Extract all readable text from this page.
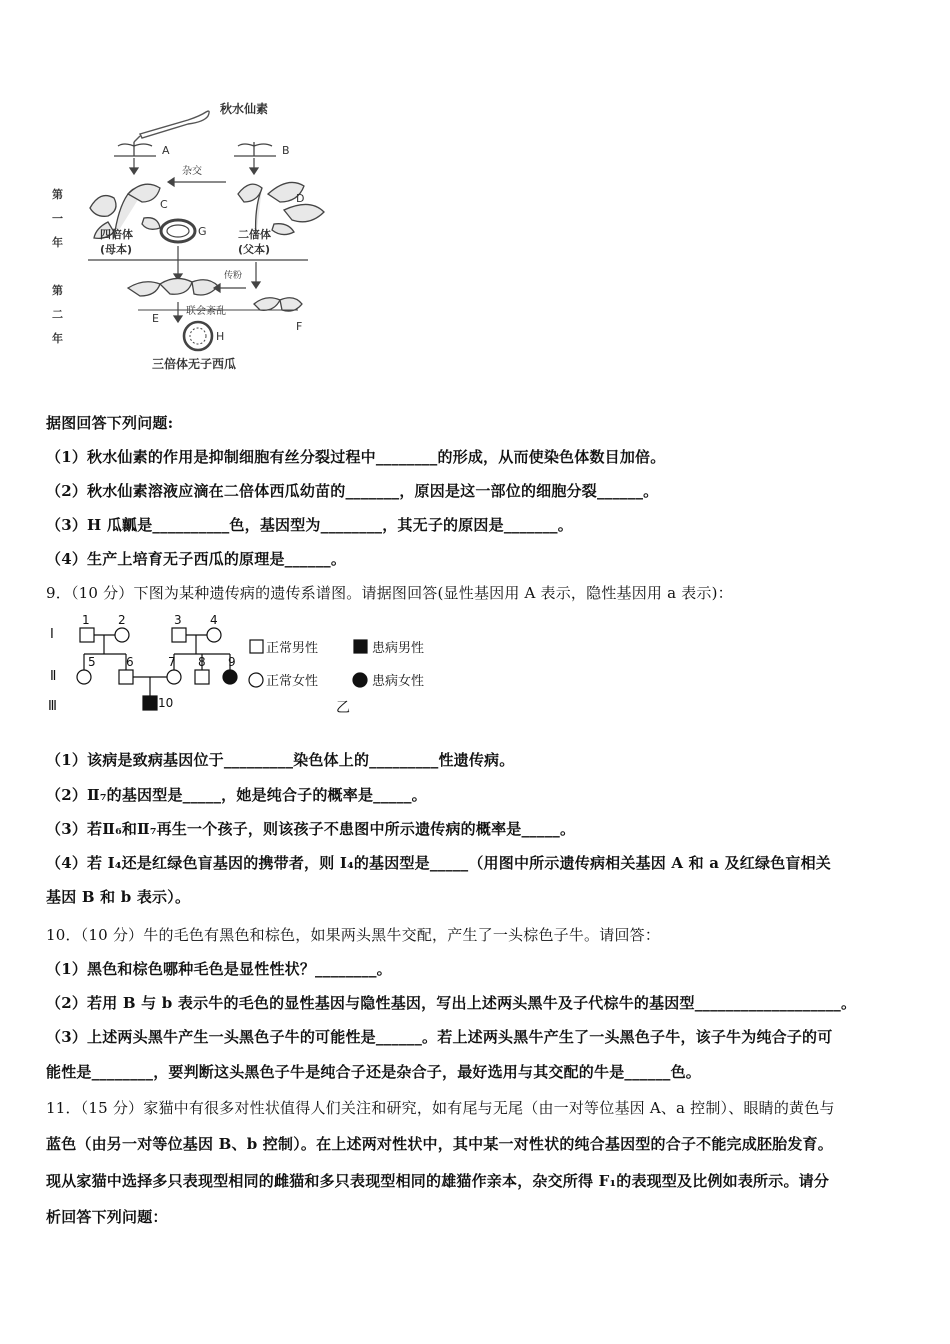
秋水仙素
A	B
杂交
第一年
第二年
C
G
D
四倍体
(母本)
二倍体
(父本)
E
传粉
F
联会紊乱
H
三倍体无子西瓜
据图回答下列问题:
（1）秋水仙素的作用是抑制细胞有丝分裂过程中________的形成，从而使染色体数目加倍。
（2）秋水仙素溶液应滴在二倍体西瓜幼苗的_______，原因是这一部位的细胞分裂______。
（3）H 瓜瓤是__________色，基因型为________，其无子的原因是_______。
（4）生产上培育无子西瓜的原理是______。
9．（10 分）下图为某种遗传病的遗传系谱图。请据图回答(显性基因用 A 表示，隐性基因用 a 表示)：
Ⅰ
Ⅱ
Ⅲ
1 2	3 4
5	6	7 8 9
10
正常男性	患病男性
正常女性	患病女性
乙
（1）该病是致病基因位于_________染色体上的_________性遗传病。
（2）Ⅱ₇的基因型是_____，她是纯合子的概率是_____。
（3）若Ⅱ₆和Ⅱ₇再生一个孩子，则该孩子不患图中所示遗传病的概率是_____。
（4）若 I₄还是红绿色盲基因的携带者，则 I₄的基因型是_____（用图中所示遗传病相关基因 A 和 a 及红绿色盲相关
基因 B 和 b 表示）。
10．（10 分）牛的毛色有黑色和棕色，如果两头黑牛交配，产生了一头棕色子牛。请回答：
（1）黑色和棕色哪种毛色是显性性状？________。
（2）若用 B 与 b 表示牛的毛色的显性基因与隐性基因，写出上述两头黑牛及子代棕牛的基因型___________________。
（3）上述两头黑牛产生一头黑色子牛的可能性是______。若上述两头黑牛产生了一头黑色子牛，该子牛为纯合子的可
能性是________，要判断这头黑色子牛是纯合子还是杂合子，最好选用与其交配的牛是______色。
11．（15 分）家猫中有很多对性状值得人们关注和研究，如有尾与无尾（由一对等位基因 A、a 控制）、眼睛的黄色与
蓝色（由另一对等位基因 B、b 控制）。在上述两对性状中，其中某一对性状的纯合基因型的合子不能完成胚胎发育。
现从家猫中选择多只表现型相同的雌猫和多只表现型相同的雄猫作亲本，杂交所得 F₁的表现型及比例如表所示。请分
析回答下列问题：
